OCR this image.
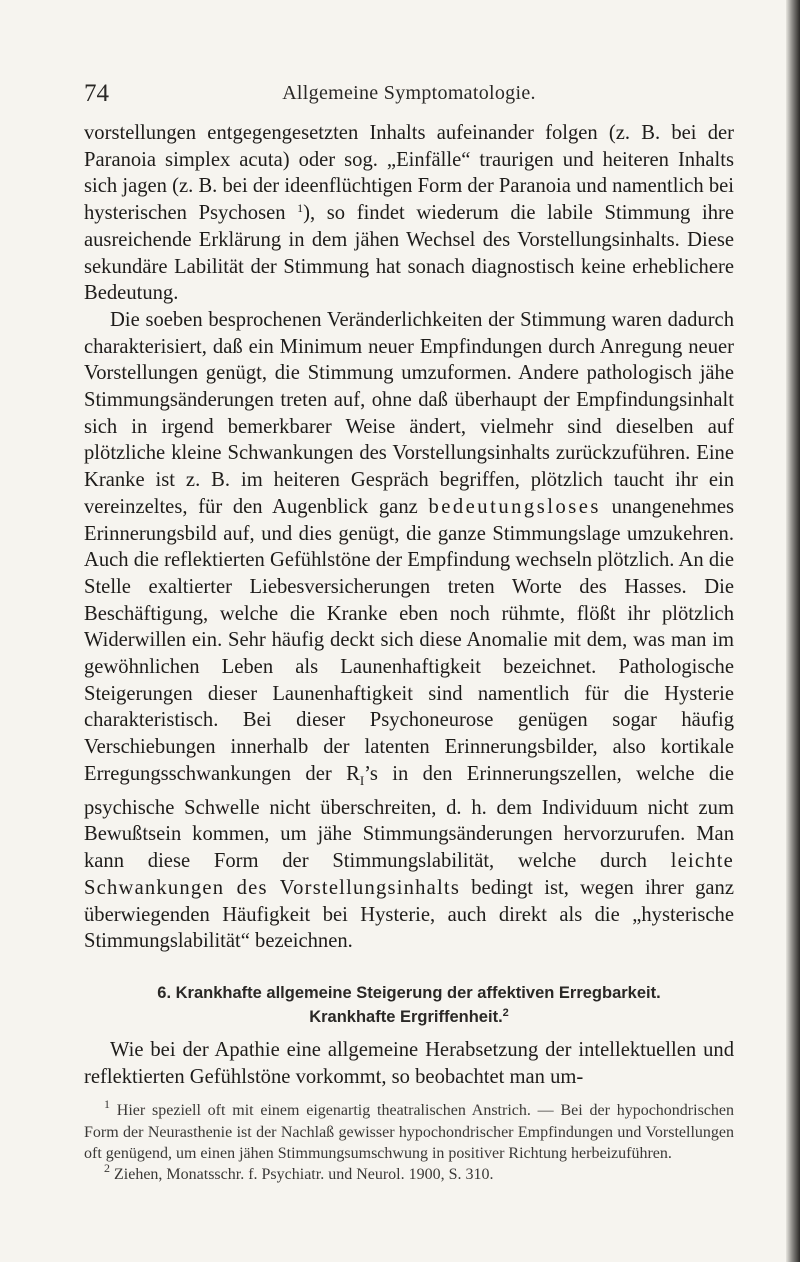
74	Allgemeine Symptomatologie.

vorstellungen entgegengesetzten Inhalts aufeinander folgen (z. B. bei der Paranoia simplex acuta) oder sog. „Einfälle“ traurigen und heiteren Inhalts sich jagen (z. B. bei der ideenflüchtigen Form der Paranoia und namentlich bei hysterischen Psychosen $^1$), so findet wiederum die labile Stimmung ihre ausreichende Erklärung in dem jähen Wechsel des Vorstellungsinhalts. Diese sekundäre Labilität der Stimmung hat sonach diagnostisch keine erheblichere Bedeutung.

Die soeben besprochenen Veränderlichkeiten der Stimmung waren dadurch charakterisiert, daß ein Minimum neuer Empfindungen durch Anregung neuer Vorstellungen genügt, die Stimmung umzuformen. Andere pathologisch jähe Stimmungsänderungen treten auf, ohne daß überhaupt der Empfindungsinhalt sich in irgend bemerkbarer Weise ändert, vielmehr sind dieselben auf plötzliche kleine Schwankungen des Vorstellungsinhalts zurückzuführen. Eine Kranke ist z. B. im heiteren Gespräch begriffen, plötzlich taucht ihr ein vereinzeltes, für den Augenblick ganz bedeutungsloses unangenehmes Erinnerungsbild auf, und dies genügt, die ganze Stimmungslage umzukehren. Auch die reflektierten Gefühlstöne der Empfindung wechseln plötzlich. An die Stelle exaltierter Liebesversicherungen treten Worte des Hasses. Die Beschäftigung, welche die Kranke eben noch rühmte, flößt ihr plötzlich Widerwillen ein. Sehr häufig deckt sich diese Anomalie mit dem, was man im gewöhnlichen Leben als Launenhaftigkeit bezeichnet. Pathologische Steigerungen dieser Launenhaftigkeit sind namentlich für die Hysterie charakteristisch. Bei dieser Psychoneurose genügen sogar häufig Verschiebungen innerhalb der latenten Erinnerungsbilder, also kortikale Erregungsschwankungen der $R_I’s$ in den Erinnerungszellen, welche die psychische Schwelle nicht überschreiten, d. h. dem Individuum nicht zum Bewußtsein kommen, um jähe Stimmungsänderungen hervorzurufen. Man kann diese Form der Stimmungslabilität, welche durch leichte Schwankungen des Vorstellungsinhalts bedingt ist, wegen ihrer ganz überwiegenden Häufigkeit bei Hysterie, auch direkt als die „hysterische Stimmungslabilität“ bezeichnen.

6. Krankhafte allgemeine Steigerung der affektiven Erregbarkeit.
Krankhafte Ergriffenheit.$^2$

Wie bei der Apathie eine allgemeine Herabsetzung der intellektuellen und reflektierten Gefühlstöne vorkommt, so beobachtet man um-

$^1$ Hier speziell oft mit einem eigenartig theatralischen Anstrich. — Bei der hypochondrischen Form der Neurasthenie ist der Nachlaß gewisser hypochondrischer Empfindungen und Vorstellungen oft genügend, um einen jähen Stimmungsumschwung in positiver Richtung herbeizuführen.

$^2$ Ziehen, Monatsschr. f. Psychiatr. und Neurol. 1900, S. 310.
